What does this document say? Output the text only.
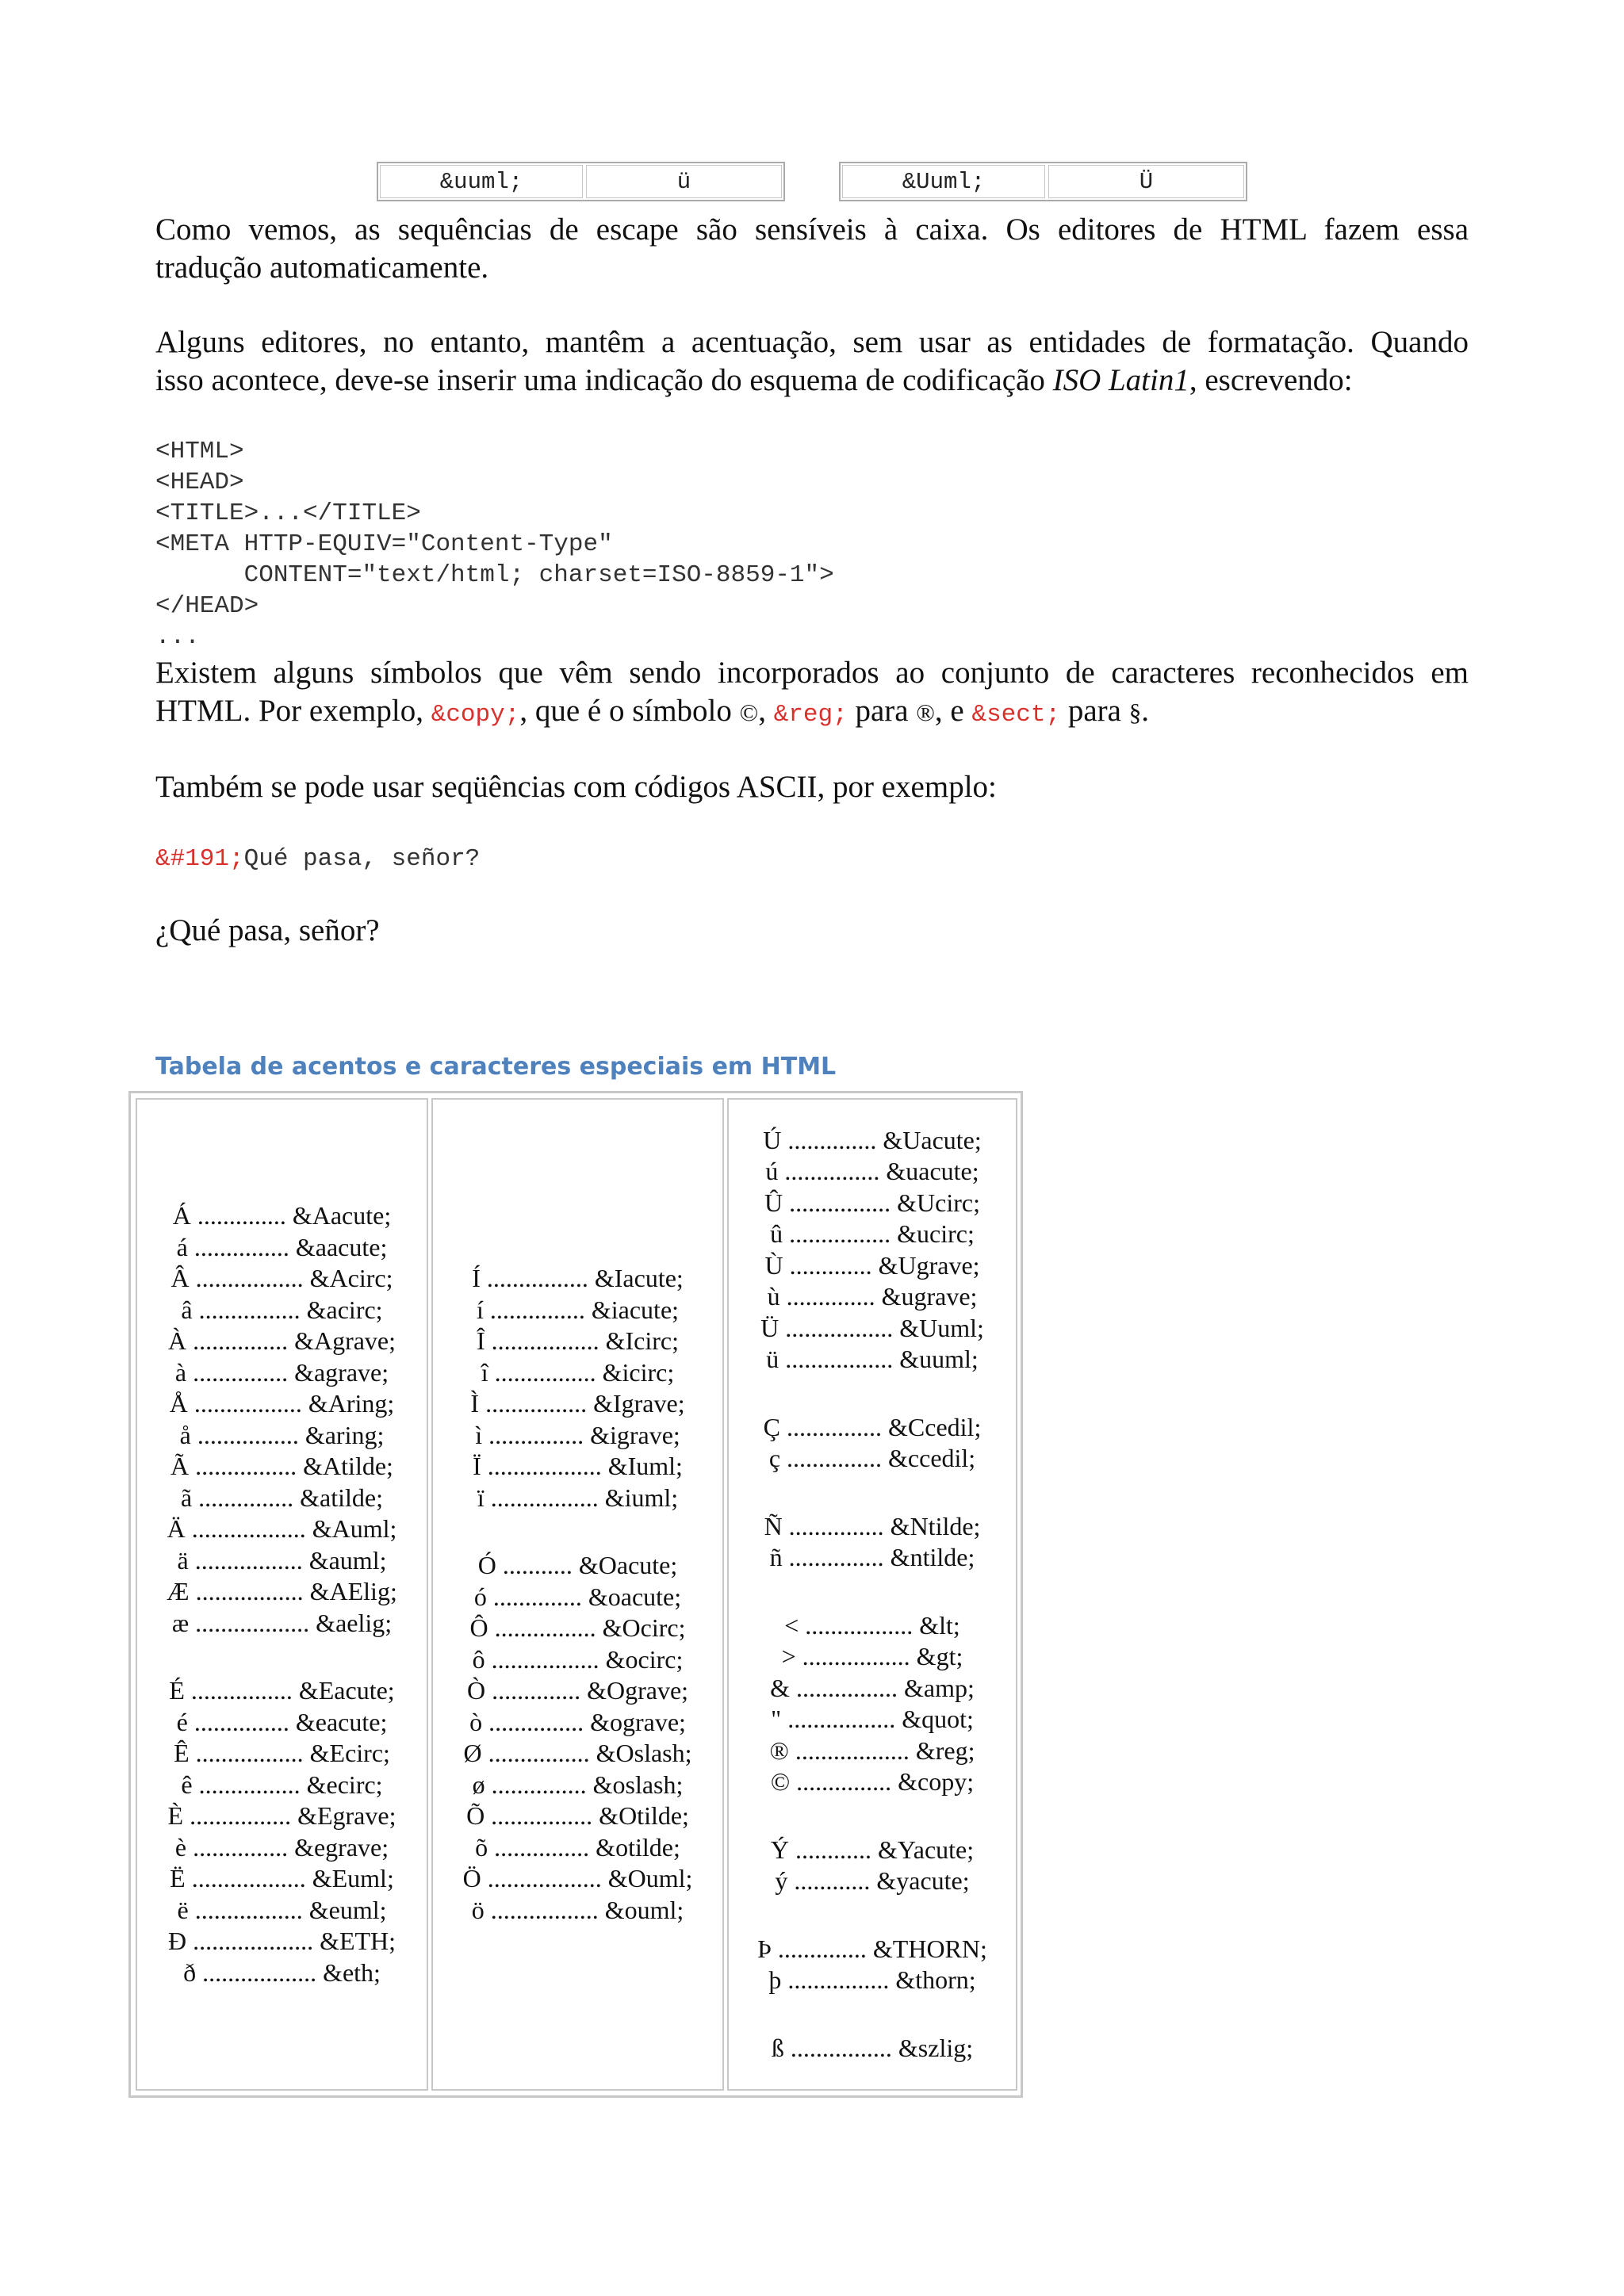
&uuml;	ü	&Uuml;	Ü

Como vemos, as sequências de escape são sensíveis à caixa. Os editores de HTML fazem essa
tradução automaticamente.

Alguns editores, no entanto, mantêm a acentuação, sem usar as entidades de formatação. Quando
isso acontece, deve-se inserir uma indicação do esquema de codificação ISO Latin1, escrevendo:

<HTML>
<HEAD>
<TITLE>...</TITLE>
<META HTTP-EQUIV="Content-Type"
CONTENT="text/html; charset=ISO-8859-1">
</HEAD>
...

Existem alguns símbolos que vêm sendo incorporados ao conjunto de caracteres reconhecidos em
HTML. Por exemplo, &copy;, que é o símbolo ©, &reg; para ®, e &sect; para §.

Também se pode usar seqüências com códigos ASCII, por exemplo:

&#191;Qué pasa, señor?

¿Qué pasa, señor?

Tabela de acentos e caracteres especiais em HTML
Á .............. &Aacute;
á ............... &aacute;
Â ................. &Acirc;
â ................ &acirc;
À ............... &Agrave;
à ............... &agrave;
Å ................. &Aring;
å ................ &aring;
Ã ................ &Atilde;
ã ............... &atilde;
Ä .................. &Auml;
ä ................. &auml;
Æ ................. &AElig;
æ .................. &aelig;
É ................ &Eacute;
é ............... &eacute;
Ê ................. &Ecirc;
ê ................ &ecirc;
È ................ &Egrave;
è ............... &egrave;
Ë .................. &Euml;
ë ................. &euml;
Ð ................... &ETH;
ð .................. &eth;
Í ................ &Iacute;
í ............... &iacute;
Î ................. &Icirc;
î ................ &icirc;
Ì ................ &Igrave;
ì ............... &igrave;
Ï .................. &Iuml;
ï ................. &iuml;
Ó ........... &Oacute;
ó .............. &oacute;
Ô ................ &Ocirc;
ô ................. &ocirc;
Ò .............. &Ograve;
ò ............... &ograve;
Ø ................ &Oslash;
ø ............... &oslash;
Õ ................ &Otilde;
õ ............... &otilde;
Ö .................. &Ouml;
ö ................. &ouml;
Ú .............. &Uacute;
ú ............... &uacute;
Û ................ &Ucirc;
û ................ &ucirc;
Ù ............. &Ugrave;
ù .............. &ugrave;
Ü ................. &Uuml;
ü ................. &uuml;
Ç ............... &Ccedil;
ç ............... &ccedil;
Ñ ............... &Ntilde;
ñ ............... &ntilde;
< ................. &lt;
> ................. &gt;
& ................ &amp;
" ................. &quot;
® .................. &reg;
© ............... &copy;
Ý ............ &Yacute;
ý ............ &yacute;
Þ .............. &THORN;
þ ................ &thorn;
ß ................ &szlig;
